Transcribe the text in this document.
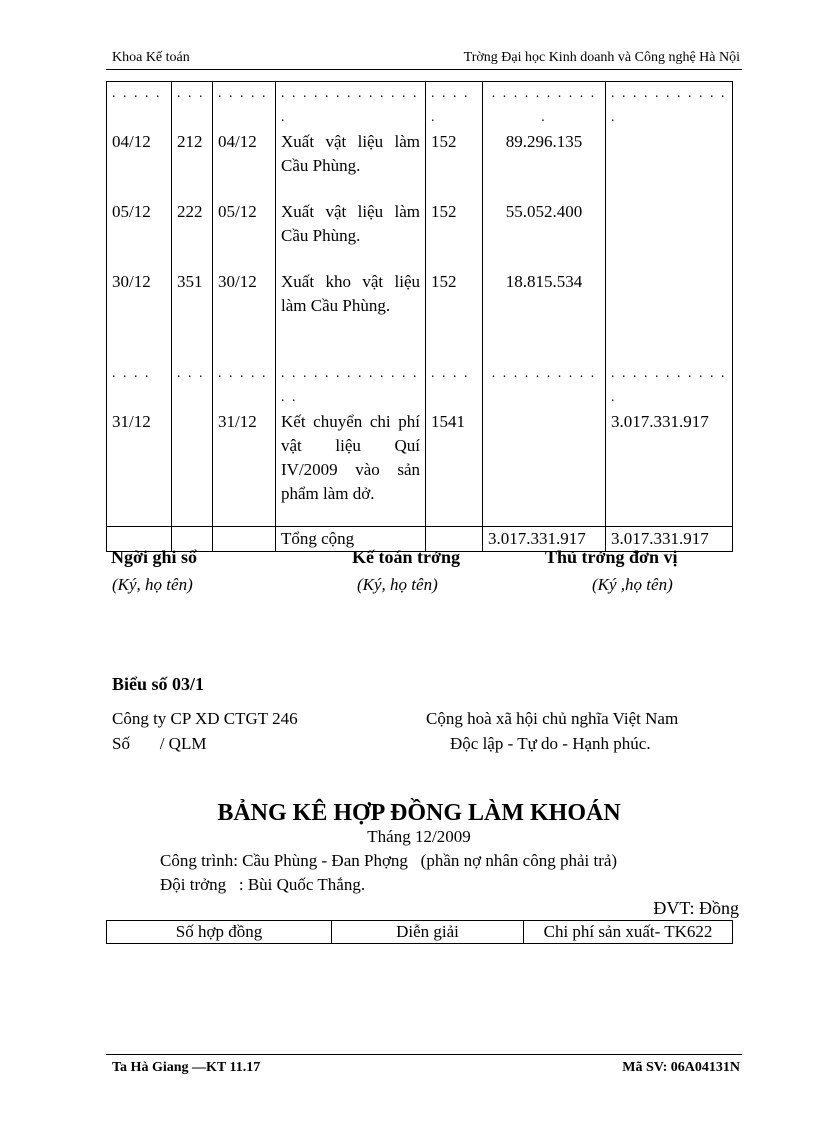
Khoa Kế toán	Trờng Đại học Kinh doanh và Công nghệ Hà Nội
. . . . .	. . .	. . . . .	. . . . . . . . . . . . . .	. . . . .	. . . . . . . . . . .	. . . . . . . . . . . .
04/12	212	04/12	Xuất vật liệu làm Cầu Phùng.	152	89.296.135	
05/12	222	05/12	Xuất vật liệu làm Cầu Phùng.	152	55.052.400	
30/12	351	30/12	Xuất kho vật liệu làm Cầu Phùng.	152	18.815.534	
. . . .	. . .	. . . . .	. . . . . . . . . . . . . . .	. . . .	. . . . . . . . . .	. . . . . . . . . . . .
31/12		31/12	Kết chuyển chi phí vật liệu Quí IV/2009 vào sản phẩm làm dở.	1541		3.017.331.917
			Tổng cộng		3.017.331.917	3.017.331.917
Ngời ghi sổ
(Ký, họ tên)
Kế toán trởng
(Ký, họ tên)
Thủ trởng đơn vị
(Ký ,họ tên)
Biểu số 03/1
Công ty CP XD CTGT 246
Số       / QLM
Cộng hoà xã hội chủ nghĩa Việt Nam
Độc lập - Tự do - Hạnh phúc.
BẢNG KÊ HỢP ĐỒNG LÀM KHOÁN
Tháng 12/2009
Công trình: Cầu Phùng - Đan Phợng   (phần nợ nhân công phải trả)
Đội trởng   : Bùi Quốc Thắng.
ĐVT: Đồng
Số hợp đồng	Diễn giải	Chi phí sản xuất- TK622
Ta Hà Giang —KT 11.17	Mã SV: 06A04131N
